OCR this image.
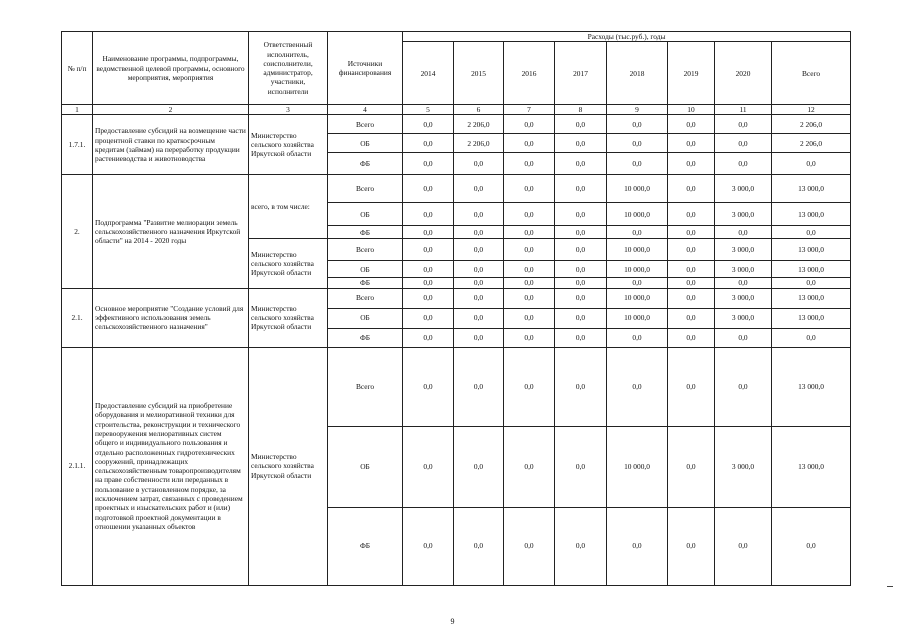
№ п/п	Наименование программы, подпрограммы, ведомственной целевой программы, основного мероприятия, мероприятия	Ответственный исполнитель, соисполнители, администратор, участники, исполнители	Источники финансирования	Расходы (тыс.руб.), годы							
				2014	2015	2016	2017	2018	2019	2020	Всего
1	2	3	4	5	6	7	8	9	10	11	12
1.7.1.	Предоставление субсидий на возмещение части процентной ставки по краткосрочным кредитам (займам) на переработку продукции растениеводства и животноводства	Министерство сельского хозяйства Иркутской области	Всего	0,0	2 206,0	0,0	0,0	0,0	0,0	0,0	2 206,0
			ОБ	0,0	2 206,0	0,0	0,0	0,0	0,0	0,0	2 206,0
			ФБ	0,0	0,0	0,0	0,0	0,0	0,0	0,0	0,0
2.	Подпрограмма "Развитие мелиорации земель сельскохозяйственного назначения Иркутской области" на 2014 - 2020 годы	всего, в том числе:	Всего	0,0	0,0	0,0	0,0	10 000,0	0,0	3 000,0	13 000,0
			ОБ	0,0	0,0	0,0	0,0	10 000,0	0,0	3 000,0	13 000,0
			ФБ	0,0	0,0	0,0	0,0	0,0	0,0	0,0	0,0
		Министерство сельского хозяйства Иркутской области	Всего	0,0	0,0	0,0	0,0	10 000,0	0,0	3 000,0	13 000,0
			ОБ	0,0	0,0	0,0	0,0	10 000,0	0,0	3 000,0	13 000,0
			ФБ	0,0	0,0	0,0	0,0	0,0	0,0	0,0	0,0
2.1.	Основное мероприятие "Создание условий для эффективного использования земель сельскохозяйственного назначения"	Министерство сельского хозяйства Иркутской области	Всего	0,0	0,0	0,0	0,0	10 000,0	0,0	3 000,0	13 000,0
			ОБ	0,0	0,0	0,0	0,0	10 000,0	0,0	3 000,0	13 000,0
			ФБ	0,0	0,0	0,0	0,0	0,0	0,0	0,0	0,0
2.1.1.	Предоставление субсидий на приобретение оборудования и мелиоративной техники для строительства, реконструкции и технического перевооружения мелиоративных систем общего и индивидуального пользования и отдельно расположенных гидротехнических сооружений, принадлежащих сельскохозяйственным товаропроизводителям на праве собственности или переданных в пользование в установленном порядке, за исключением затрат, связанных с проведением проектных и изыскательских работ и (или) подготовкой проектной документации в отношении указанных объектов	Министерство сельского хозяйства Иркутской области	Всего	0,0	0,0	0,0	0,0	0,0	0,0	0,0	13 000,0
			ОБ	0,0	0,0	0,0	0,0	10 000,0	0,0	3 000,0	13 000,0
			ФБ	0,0	0,0	0,0	0,0	0,0	0,0	0,0	0,0
9
